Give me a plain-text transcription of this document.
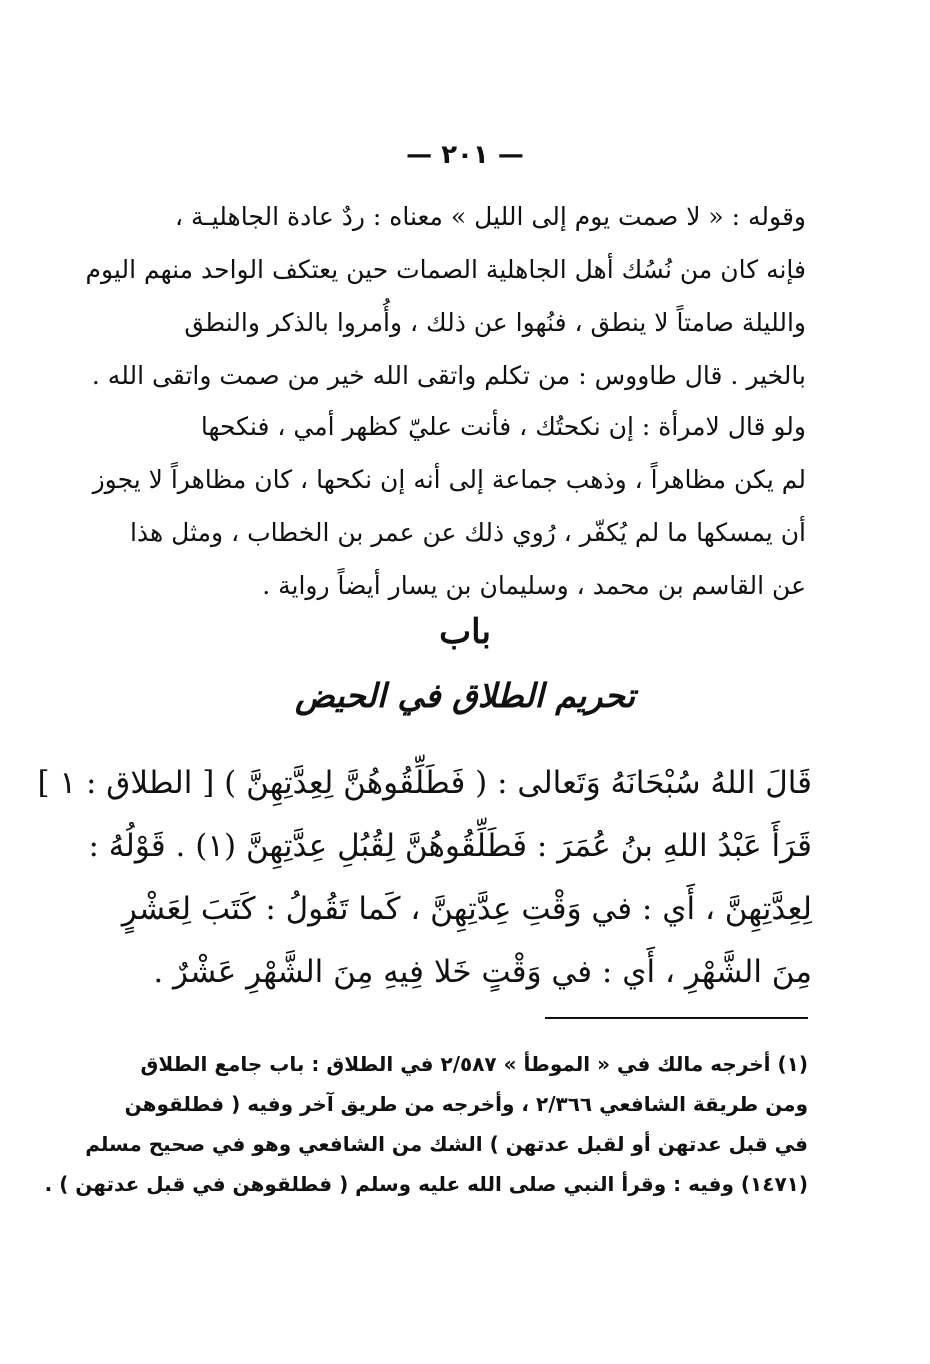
— ٢٠١ —
وقوله : « لا صمت يوم إلى الليل » معناه : ردٌ عادة الجاهليـة ،
فإنه كان من نُسُك أهل الجاهلية الصمات حين يعتكف الواحد منهم اليوم
والليلة صامتاً لا ينطق ، فنُهوا عن ذلك ، وأُمروا بالذكر والنطق
بالخير . قال طاووس : من تكلم واتقى الله خير من صمت واتقى الله .
ولو قال لامرأة : إن نكحتُك ، فأنت عليّ كظهر أمي ، فنكحها
لم يكن مظاهراً ، وذهب جماعة إلى أنه إن نكحها ، كان مظاهراً لا يجوز
أن يمسكها ما لم يُكفّر ، رُوي ذلك عن عمر بن الخطاب ، ومثل هذا
عن القاسم بن محمد ، وسليمان بن يسار أيضاً رواية .
باب
تحريم الطلاق في الحيض
قَالَ اللهُ سُبْحَانَهُ وَتَعالى : ( فَطَلِّقُوهُنَّ لِعِدَّتِهِنَّ ) [ الطلاق : ١ ]
قَرَأَ عَبْدُ اللهِ بنُ عُمَرَ : فَطَلِّقُوهُنَّ لِقُبُلِ عِدَّتِهِنَّ (١) . قَوْلُهُ :
لِعِدَّتِهِنَّ ، أَي : في وَقْتِ عِدَّتِهِنَّ ، كَما تَقُولُ : كَتَبَ لِعَشْرٍ
مِنَ الشَّهْرِ ، أَي : في وَقْتٍ خَلا فِيهِ مِنَ الشَّهْرِ عَشْرٌ .
(١) أخرجه مالك في « الموطأ » ٢/٥٨٧ في الطلاق : باب جامع الطلاق
ومن طريقة الشافعي ٢/٣٦٦ ، وأخرجه من طريق آخر وفيه ( فطلقوهن
في قبل عدتهن أو لقبل عدتهن ) الشك من الشافعي وهو في صحيح مسلم
(١٤٧١) وفيه : وقرأ النبي صلى الله عليه وسلم ( فطلقوهن في قبل عدتهن ) .
